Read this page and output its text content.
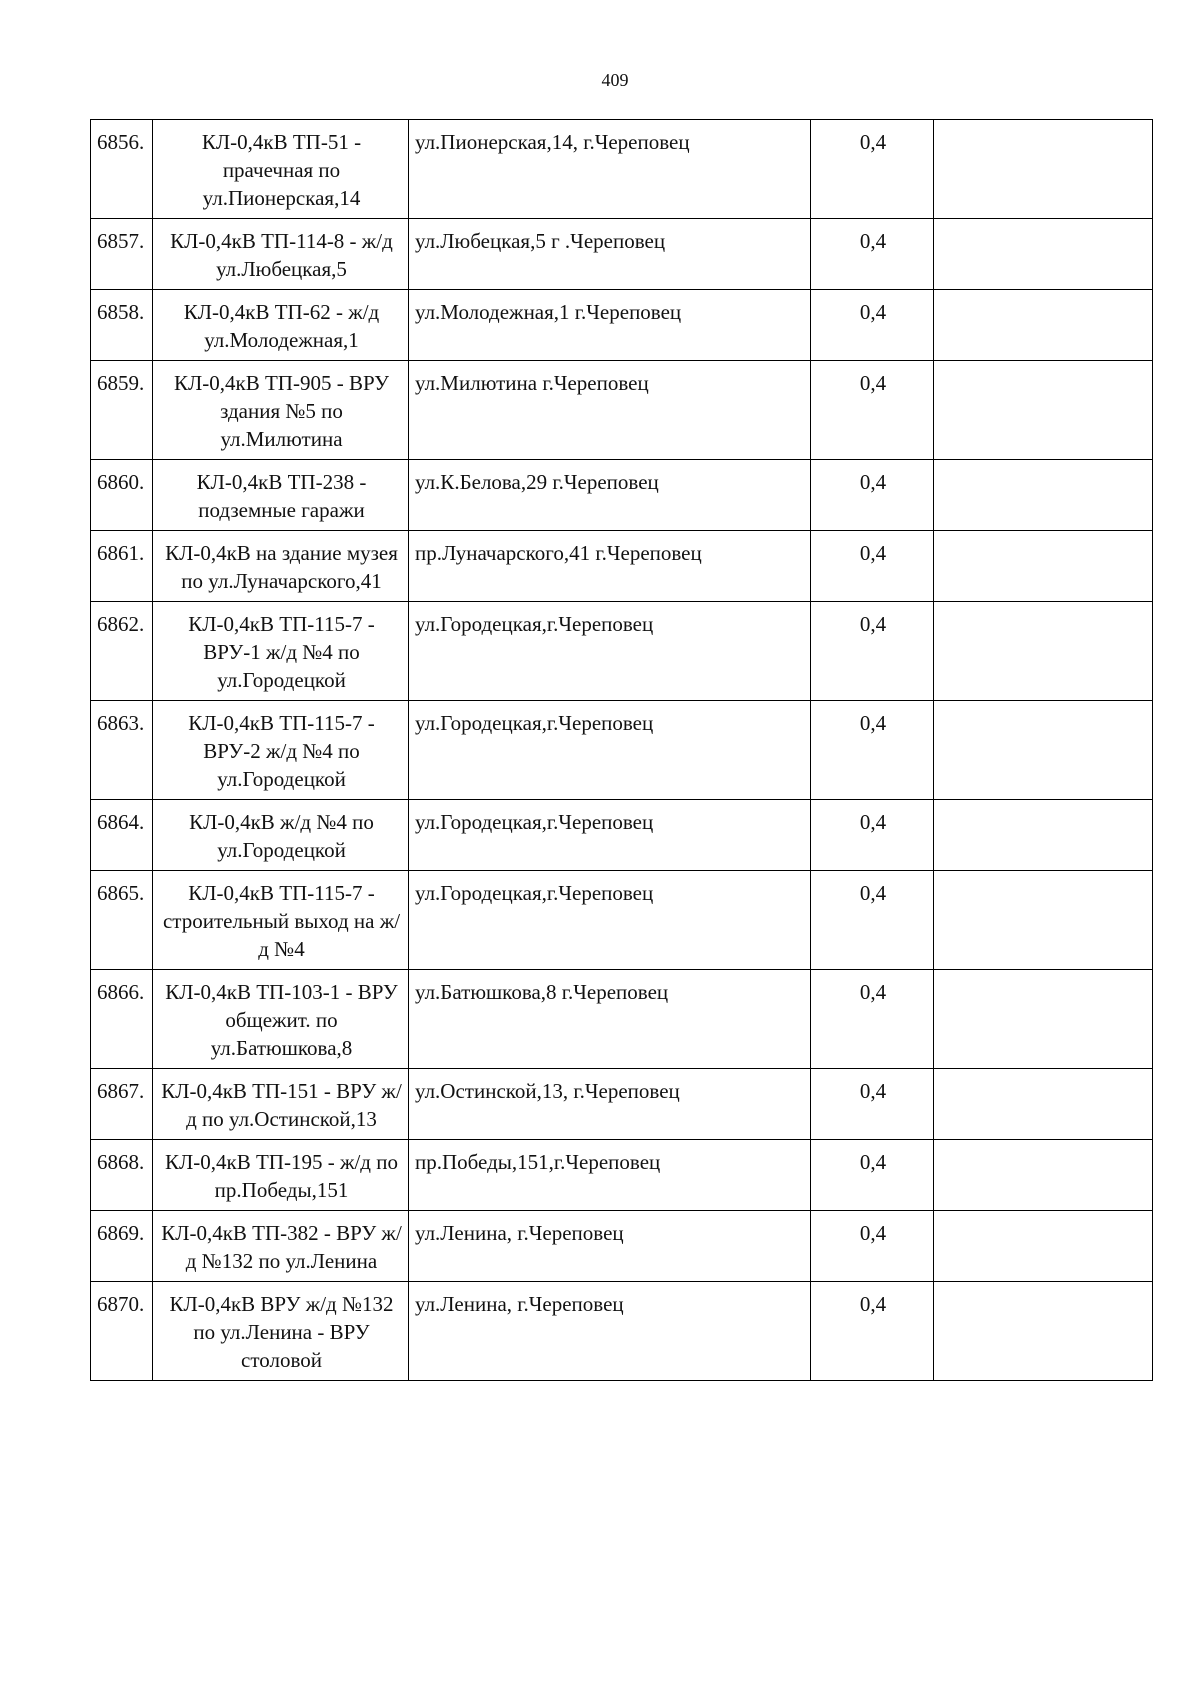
409
6856.	КЛ-0,4кВ ТП-51 - прачечная по ул.Пионерская,14	ул.Пионерская,14, г.Череповец	0,4	
6857.	КЛ-0,4кВ ТП-114-8 - ж/д ул.Любецкая,5	ул.Любецкая,5 г .Череповец	0,4	
6858.	КЛ-0,4кВ ТП-62 - ж/д ул.Молодежная,1	ул.Молодежная,1 г.Череповец	0,4	
6859.	КЛ-0,4кВ ТП-905 - ВРУ здания №5 по ул.Милютина	ул.Милютина г.Череповец	0,4	
6860.	КЛ-0,4кВ ТП-238 - подземные гаражи	ул.К.Белова,29 г.Череповец	0,4	
6861.	КЛ-0,4кВ на здание музея по ул.Луначарского,41	пр.Луначарского,41 г.Череповец	0,4	
6862.	КЛ-0,4кВ ТП-115-7 - ВРУ-1 ж/д №4 по ул.Городецкой	ул.Городецкая,г.Череповец	0,4	
6863.	КЛ-0,4кВ ТП-115-7 - ВРУ-2 ж/д №4 по ул.Городецкой	ул.Городецкая,г.Череповец	0,4	
6864.	КЛ-0,4кВ ж/д №4 по ул.Городецкой	ул.Городецкая,г.Череповец	0,4	
6865.	КЛ-0,4кВ ТП-115-7 - строительный выход на ж/д №4	ул.Городецкая,г.Череповец	0,4	
6866.	КЛ-0,4кВ ТП-103-1 - ВРУ общежит. по ул.Батюшкова,8	ул.Батюшкова,8 г.Череповец	0,4	
6867.	КЛ-0,4кВ ТП-151 - ВРУ ж/д по ул.Остинской,13	ул.Остинской,13, г.Череповец	0,4	
6868.	КЛ-0,4кВ ТП-195 - ж/д по пр.Победы,151	пр.Победы,151,г.Череповец	0,4	
6869.	КЛ-0,4кВ ТП-382 - ВРУ ж/д №132 по ул.Ленина	ул.Ленина, г.Череповец	0,4	
6870.	КЛ-0,4кВ ВРУ ж/д №132 по ул.Ленина - ВРУ столовой	ул.Ленина, г.Череповец	0,4	
